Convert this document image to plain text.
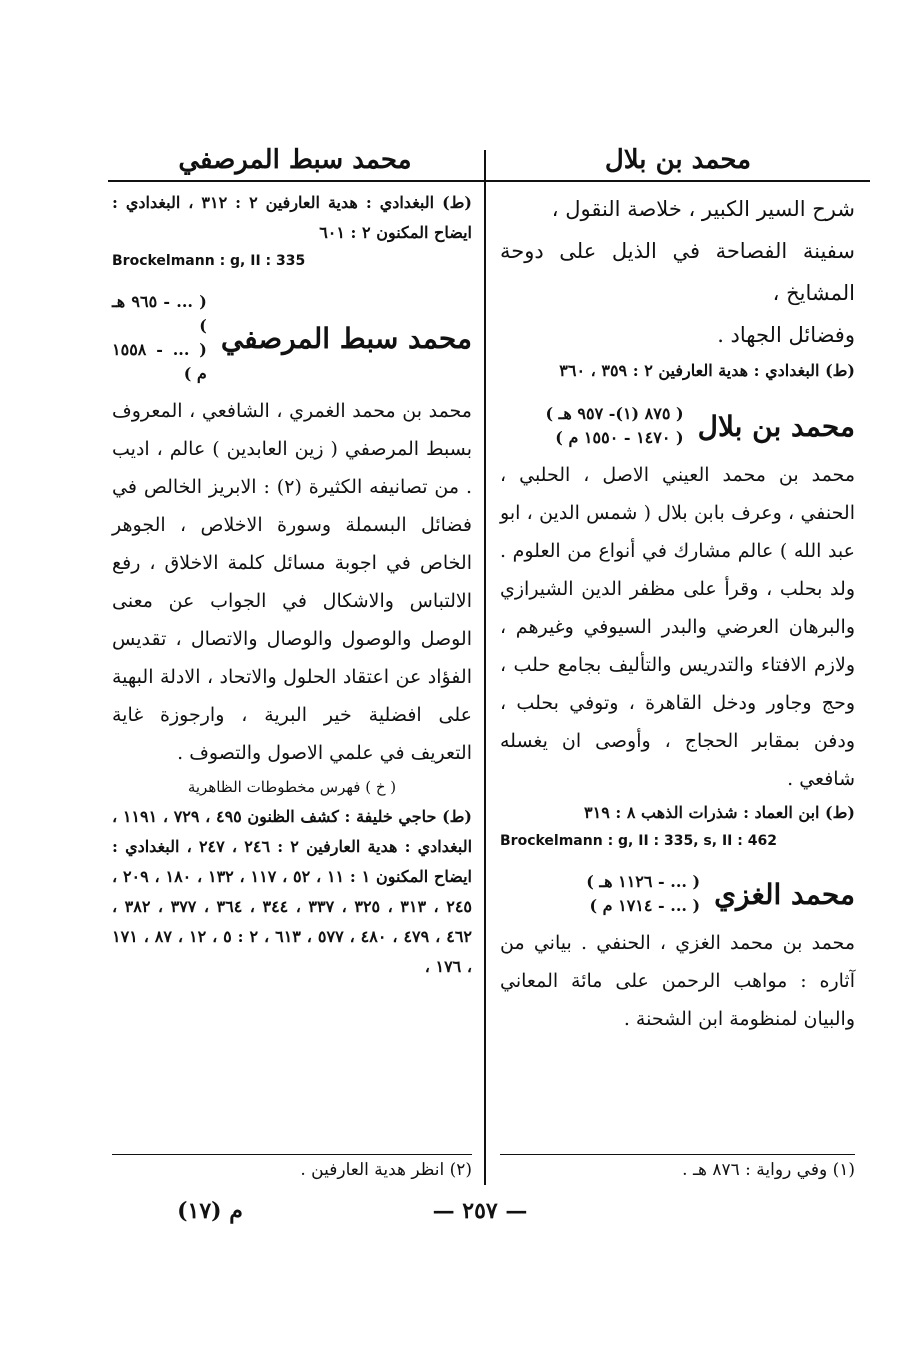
محمد بن بلال
محمد سبط المرصفي

شرح السير الكبير ، خلاصة النقول ،

سفينة الفصاحة في الذيل على دوحة المشايخ ،

وفضائل الجهاد .

(ط) البغدادي : هدية العارفين ٢ : ٣٥٩ ، ٣٦٠

محمد بن بلال
( ٨٧٥ (١)- ٩٥٧ هـ )
( ١٤٧٠ - ١٥٥٠ م )

محمد بن محمد العيني الاصل ، الحلبي ، الحنفي ، وعرف بابن بلال ( شمس الدين ، ابو عبد الله ) عالم مشارك في أنواع من العلوم . ولد بحلب ، وقرأ على مظفر الدين الشيرازي والبرهان العرضي والبدر السيوفي وغيرهم ، ولازم الافتاء والتدريس والتأليف بجامع حلب ، وحج وجاور ودخل القاهرة ، وتوفي بحلب ، ودفن بمقابر الحجاج ، وأوصى ان يغسله شافعي .

(ط) ابن العماد : شذرات الذهب ٨ : ٣١٩

Brockelmann : g, II : 335, s, II : 462
محمد الغزي
( ... - ١١٢٦ هـ )
( ... - ١٧١٤ م )

محمد بن محمد الغزي ، الحنفي . بياني من آثاره : مواهب الرحمن على مائة المعاني والبيان لمنظومة ابن الشحنة .

(ط) البغدادي : هدية العارفين ٢ : ٣١٢ ، البغدادي : ايضاح المكنون ٢ : ٦٠١

Brockelmann : g, II : 335
محمد سبط المرصفي
( ... - ٩٦٥ هـ )
( ... - ١٥٥٨ م )

محمد بن محمد الغمري ، الشافعي ، المعروف بسبط المرصفي ( زين العابدين ) عالم ، اديب . من تصانيفه الكثيرة (٢) : الابريز الخالص في فضائل البسملة وسورة الاخلاص ، الجوهر الخاص في اجوبة مسائل كلمة الاخلاق ، رفع الالتباس والاشكال في الجواب عن معنى الوصل والوصول والوصال والاتصال ، تقديس الفؤاد عن اعتقاد الحلول والاتحاد ، الادلة البهية على افضلية خير البرية ، وارجوزة غاية التعريف في علمي الاصول والتصوف .

( خ ) فهرس مخطوطات الظاهرية

(ط) حاجي خليفة : كشف الظنون ٤٩٥ ، ٧٢٩ ، ١١٩١ ، البغدادي : هدية العارفين ٢ : ٢٤٦ ، ٢٤٧ ، البغدادي : ايضاح المكنون ١ : ١١ ، ٥٢ ، ١١٧ ، ١٣٢ ، ١٨٠ ، ٢٠٩ ، ٢٤٥ ، ٣١٣ ، ٣٢٥ ، ٣٣٧ ، ٣٤٤ ، ٣٦٤ ، ٣٧٧ ، ٣٨٢ ، ٤٦٢ ، ٤٧٩ ، ٤٨٠ ، ٥٧٧ ، ٦١٣ ، ٢ : ٥ ، ١٢ ، ٨٧ ، ١٧١ ، ١٧٦ ،

(١) وفي رواية : ٨٧٦ هـ .
(٢) انظر هدية العارفين .
— ٢٥٧ —
م (١٧)
